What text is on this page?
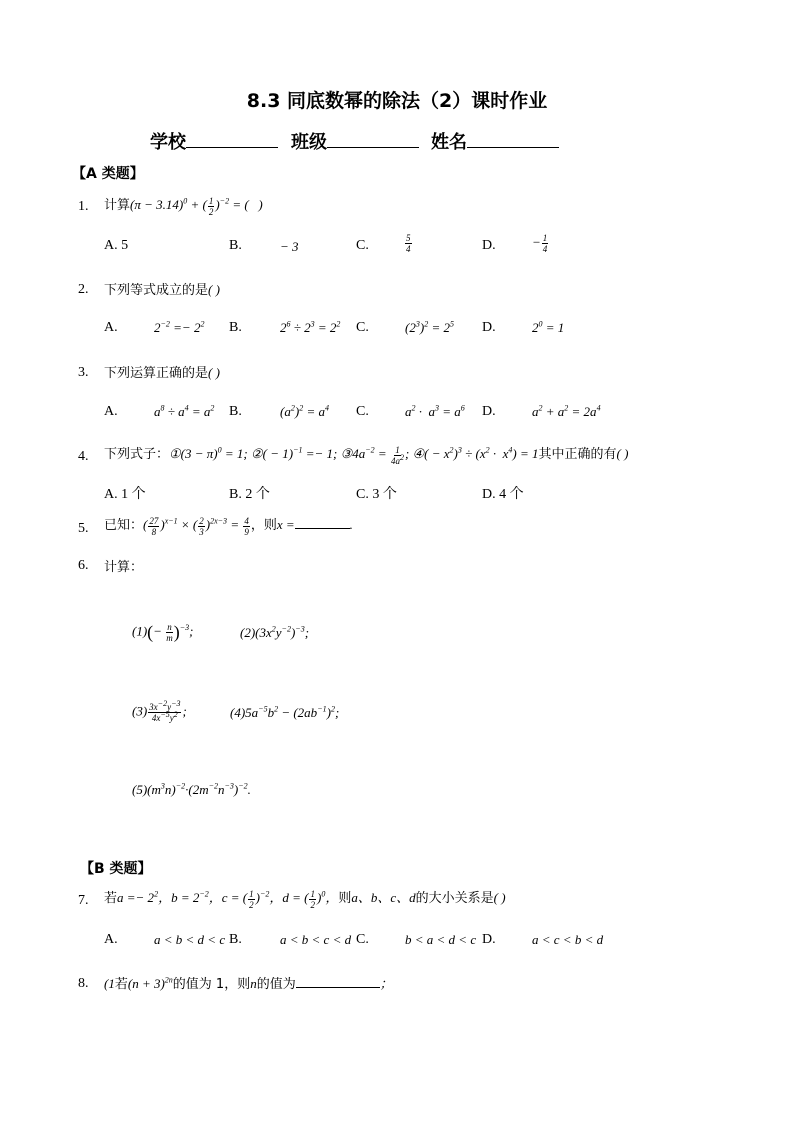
8.3 同底数幂的除法（2）课时作业
学校	班级	姓名
【A 类题】
1. 计算$(\pi - 3.14)^0$ + ( $\frac{1}{2} )^{-2}$ = (   )
A. 5	B.	− 3	C.	$\frac{5}{4}$	D.	− $\frac{1}{4}$
2. 下列等式成立的是( )
A.	$2^{-2} =- 2^2$ B.	$2^6 \div 2^3 = 2^2$ C.	$(2^3)^2 = 2^5$ D.	$2^0 = 1$
3. 下列运算正确的是( )
A.	$a^8 \div a^4 = a^2$ B.	$(a^2)^2 = a^4$ C.	$a^2 \cdot a^3 = a^6$ D.	$a^2 + a^2 = 2a^4$
4. 下列式子：①(3 − π)$^0$ = 1; ②( − 1)$^{-1}$ =− 1; $③4a^{-2} = \frac{1}{4a^2}$ ; ④( − $x^2)^3 \div (x^2 \cdot x^4) = 1$其中正确的有( )
A. 1 个	B. 2 个	C. 3 个	D. 4 个
5. 已知：( $\frac{27}{8} )^{x-1}$ × ( $\frac{2}{3} )^{2x-3} = \frac{4}{9}$ ，则x =	.
6. 计算：
$(1)(- \frac{n}{m} )^{-3}$;	$(2)(3x^2y^{-2})^{-3}$;
$(3) \frac{3x^{-2}y^{-3}}{4x^{-5}y^2}$ ;	$(4)5a^{-5}b^2 - (2ab^{-1})^2$;
$(5)(m^3n)^{-2}\cdot(2m^{-2}n^{-3})^{-2}$.
【B 类题】
7. 若$a =- 2^2$，$b = 2^{-2}$，c = ( $\frac{1}{2} )^{-2}$，d = ( $\frac{1}{2} )^0$，则a、b、c、d的大小关系是( )
A.	a < b < d < c B.	a < b < c < d C.	b < a < d < c D.	a < c < b < d
8. (1若$(n + 3)^{2n}$的值为 1，则n的值为	；
